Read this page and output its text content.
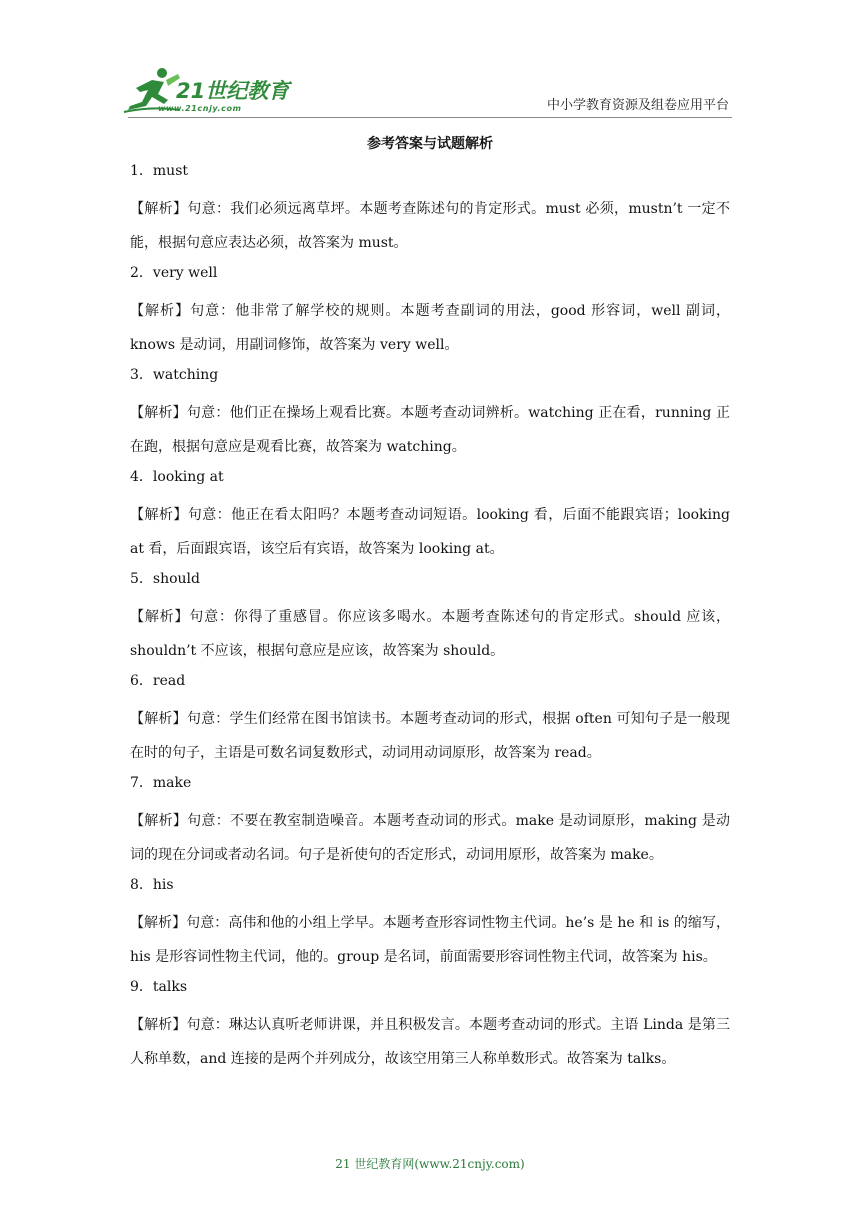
21世纪教育
www.21cnjy.com	中小学教育资源及组卷应用平台
参考答案与试题解析
1．must
【解析】句意：我们必须远离草坪。本题考查陈述句的肯定形式。must 必须，mustn’t 一定不能，根据句意应表达必须，故答案为 must。
2．very well
【解析】句意：他非常了解学校的规则。本题考查副词的用法，good 形容词，well 副词，knows 是动词，用副词修饰，故答案为 very well。
3．watching
【解析】句意：他们正在操场上观看比赛。本题考查动词辨析。watching 正在看，running 正在跑，根据句意应是观看比赛，故答案为 watching。
4．looking at
【解析】句意：他正在看太阳吗？本题考查动词短语。looking 看，后面不能跟宾语；looking at 看，后面跟宾语，该空后有宾语，故答案为 looking at。
5．should
【解析】句意：你得了重感冒。你应该多喝水。本题考查陈述句的肯定形式。should 应该，shouldn’t 不应该，根据句意应是应该，故答案为 should。
6．read
【解析】句意：学生们经常在图书馆读书。本题考查动词的形式，根据 often 可知句子是一般现在时的句子，主语是可数名词复数形式，动词用动词原形，故答案为 read。
7．make
【解析】句意：不要在教室制造噪音。本题考查动词的形式。make 是动词原形，making 是动词的现在分词或者动名词。句子是祈使句的否定形式，动词用原形，故答案为 make。
8．his
【解析】句意：高伟和他的小组上学早。本题考查形容词性物主代词。he’s 是 he 和 is 的缩写，his 是形容词性物主代词，他的。group 是名词，前面需要形容词性物主代词，故答案为 his。
9．talks
【解析】句意：琳达认真听老师讲课，并且积极发言。本题考查动词的形式。主语 Linda 是第三人称单数，and 连接的是两个并列成分，故该空用第三人称单数形式。故答案为 talks。
21 世纪教育网(www.21cnjy.com)
